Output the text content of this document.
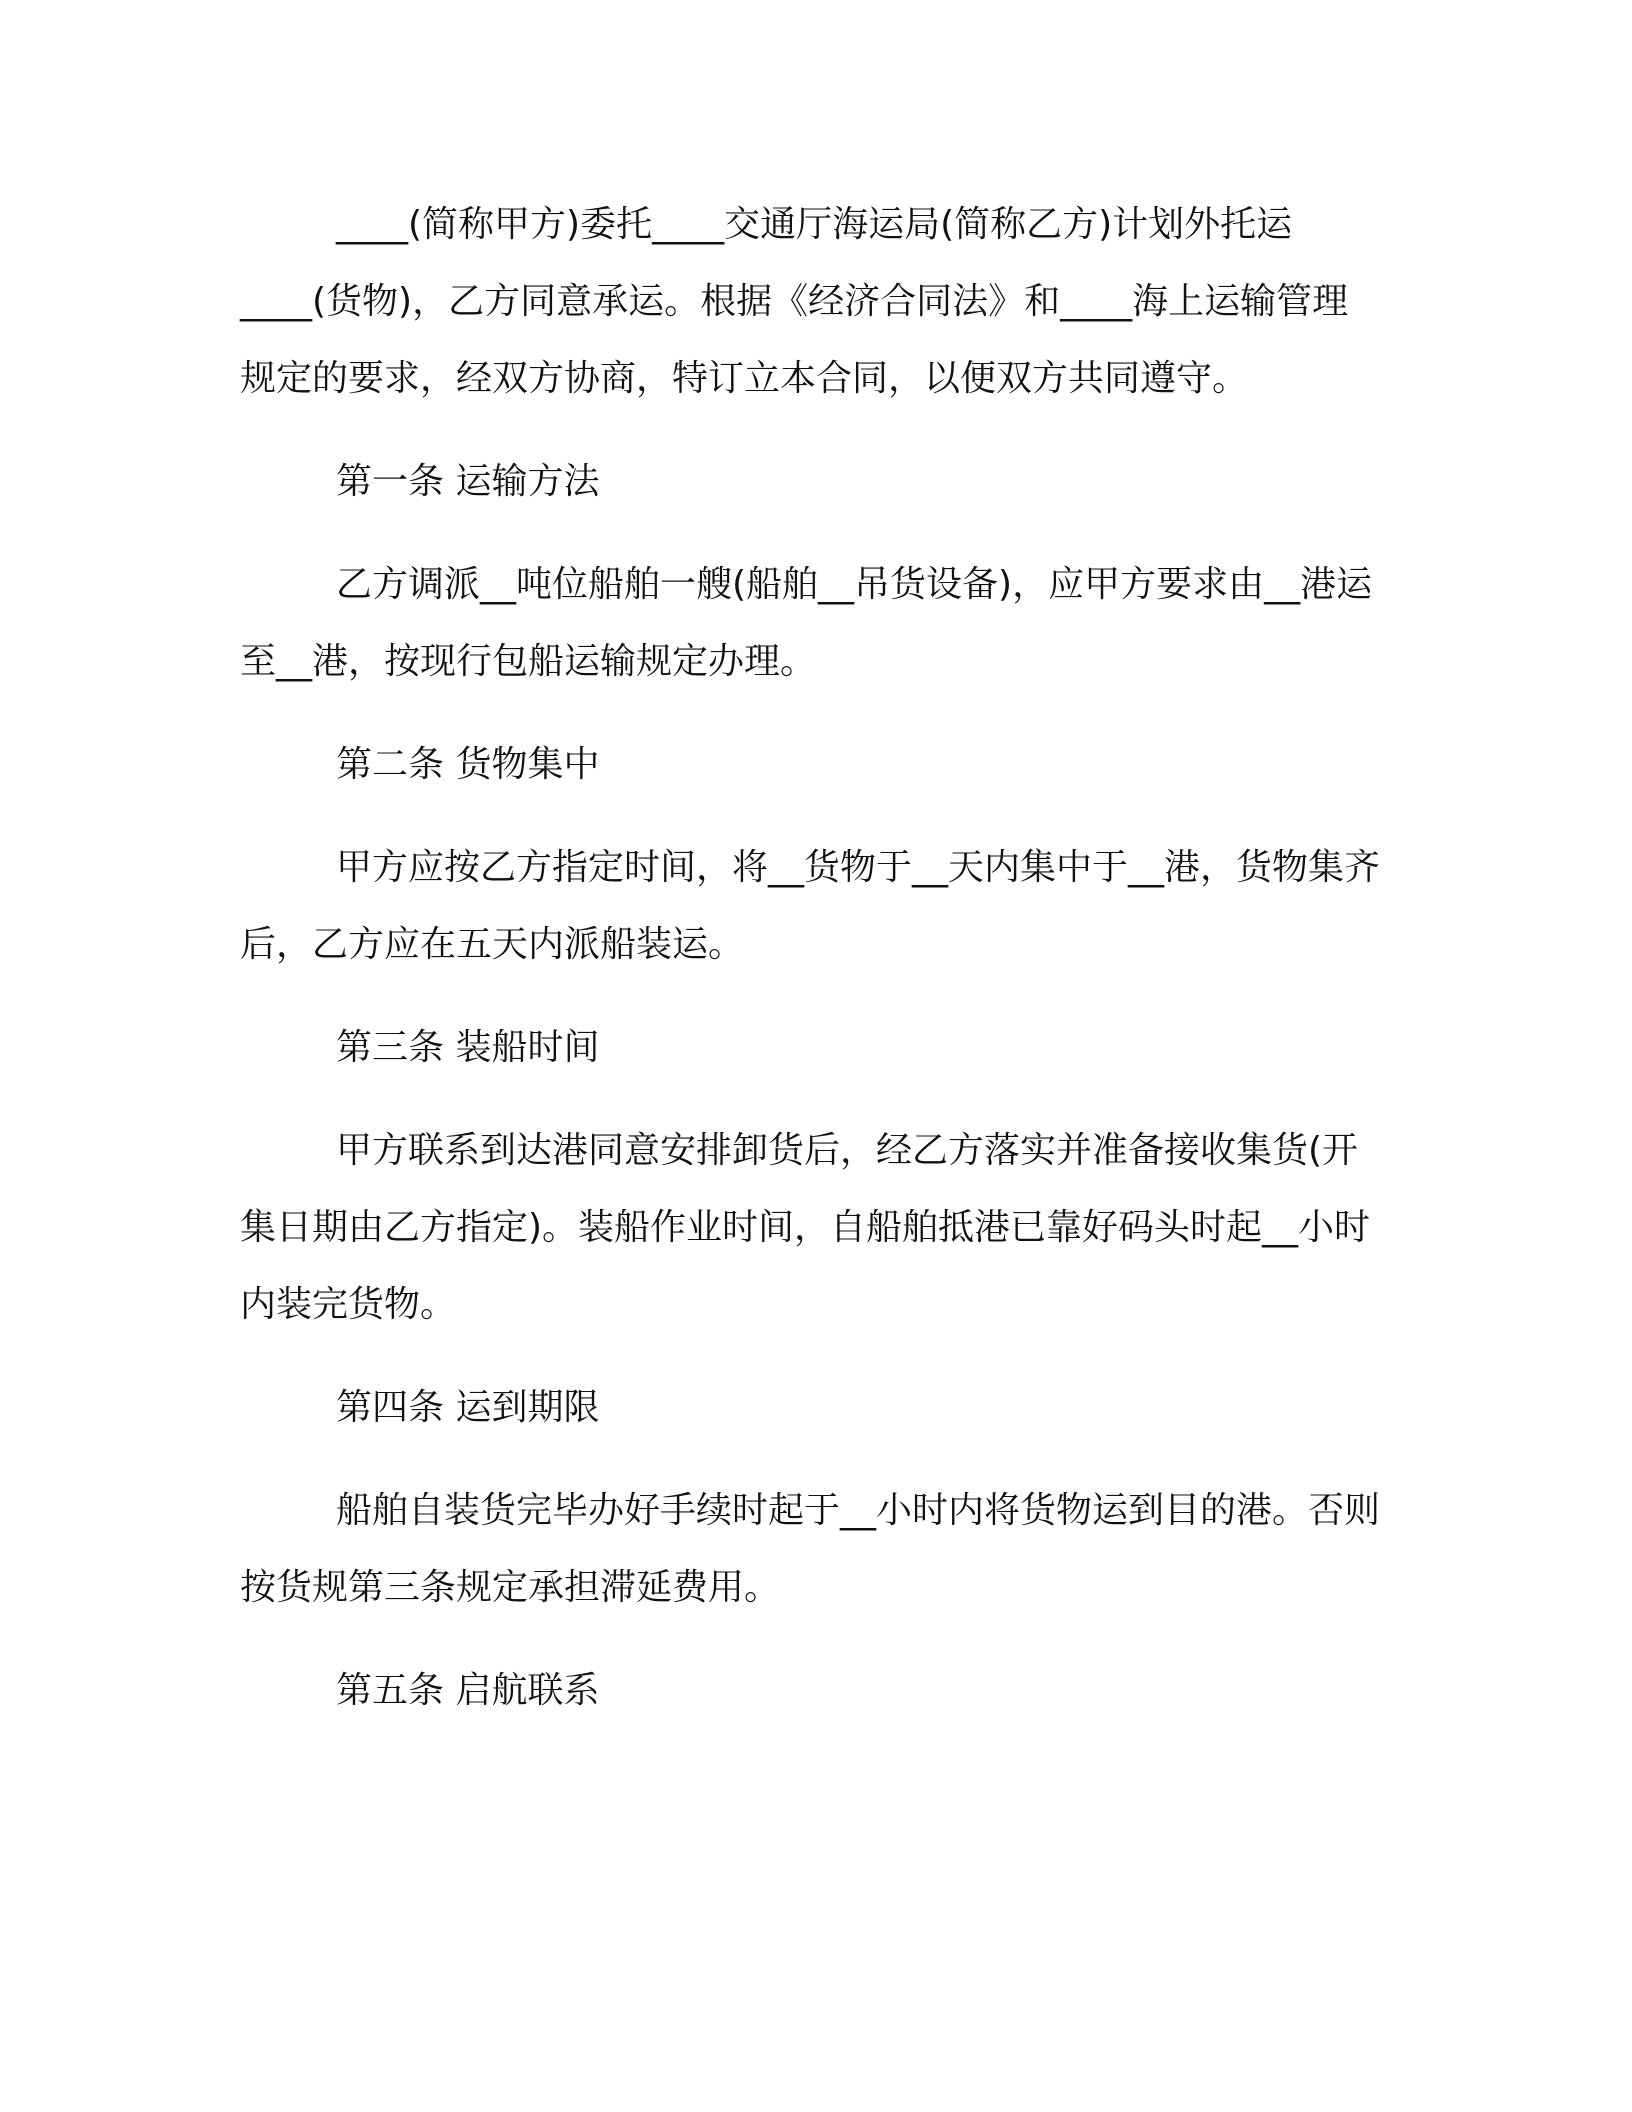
____(简称甲方)委托____交通厅海运局(简称乙方)计划外托运____(货物)，乙方同意承运。根据《经济合同法》和____海上运输管理规定的要求，经双方协商，特订立本合同，以便双方共同遵守。

第一条 运输方法

乙方调派__吨位船舶一艘(船舶__吊货设备)，应甲方要求由__港运至__港，按现行包船运输规定办理。

第二条 货物集中

甲方应按乙方指定时间，将__货物于__天内集中于__港，货物集齐后，乙方应在五天内派船装运。

第三条 装船时间

甲方联系到达港同意安排卸货后，经乙方落实并准备接收集货(开集日期由乙方指定)。装船作业时间，自船舶抵港已靠好码头时起__小时内装完货物。

第四条 运到期限

船舶自装货完毕办好手续时起于__小时内将货物运到目的港。否则按货规第三条规定承担滞延费用。

第五条 启航联系
